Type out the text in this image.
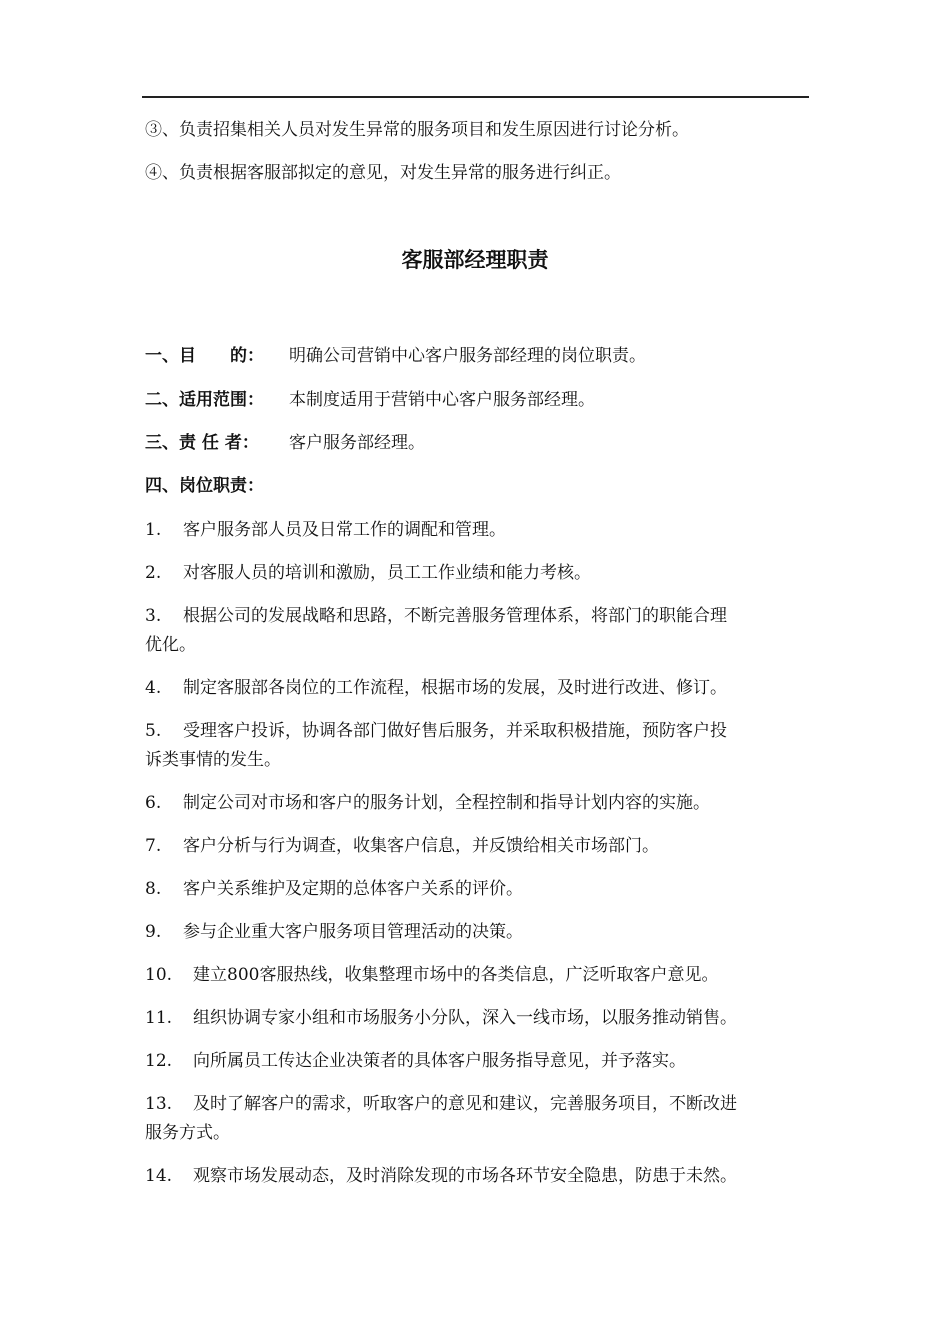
③、负责招集相关人员对发生异常的服务项目和发生原因进行讨论分析。
④、负责根据客服部拟定的意见，对发生异常的服务进行纠正。
客服部经理职责
一、目　　的： 明确公司营销中心客户服务部经理的岗位职责。
二、适用范围： 本制度适用于营销中心客户服务部经理。
三、责 任 者： 客户服务部经理。
四、岗位职责：
1. 客户服务部人员及日常工作的调配和管理。
2. 对客服人员的培训和激励，员工工作业绩和能力考核。
3. 根据公司的发展战略和思路，不断完善服务管理体系，将部门的职能合理
优化。
4. 制定客服部各岗位的工作流程，根据市场的发展，及时进行改进、修订。
5. 受理客户投诉，协调各部门做好售后服务，并采取积极措施，预防客户投
诉类事情的发生。
6. 制定公司对市场和客户的服务计划，全程控制和指导计划内容的实施。
7. 客户分析与行为调查，收集客户信息，并反馈给相关市场部门。
8. 客户关系维护及定期的总体客户关系的评价。
9. 参与企业重大客户服务项目管理活动的决策。
10. 建立800客服热线，收集整理市场中的各类信息，广泛听取客户意见。
11. 组织协调专家小组和市场服务小分队，深入一线市场，以服务推动销售。
12. 向所属员工传达企业决策者的具体客户服务指导意见，并予落实。
13. 及时了解客户的需求，听取客户的意见和建议，完善服务项目，不断改进
服务方式。
14. 观察市场发展动态，及时消除发现的市场各环节安全隐患，防患于未然。
